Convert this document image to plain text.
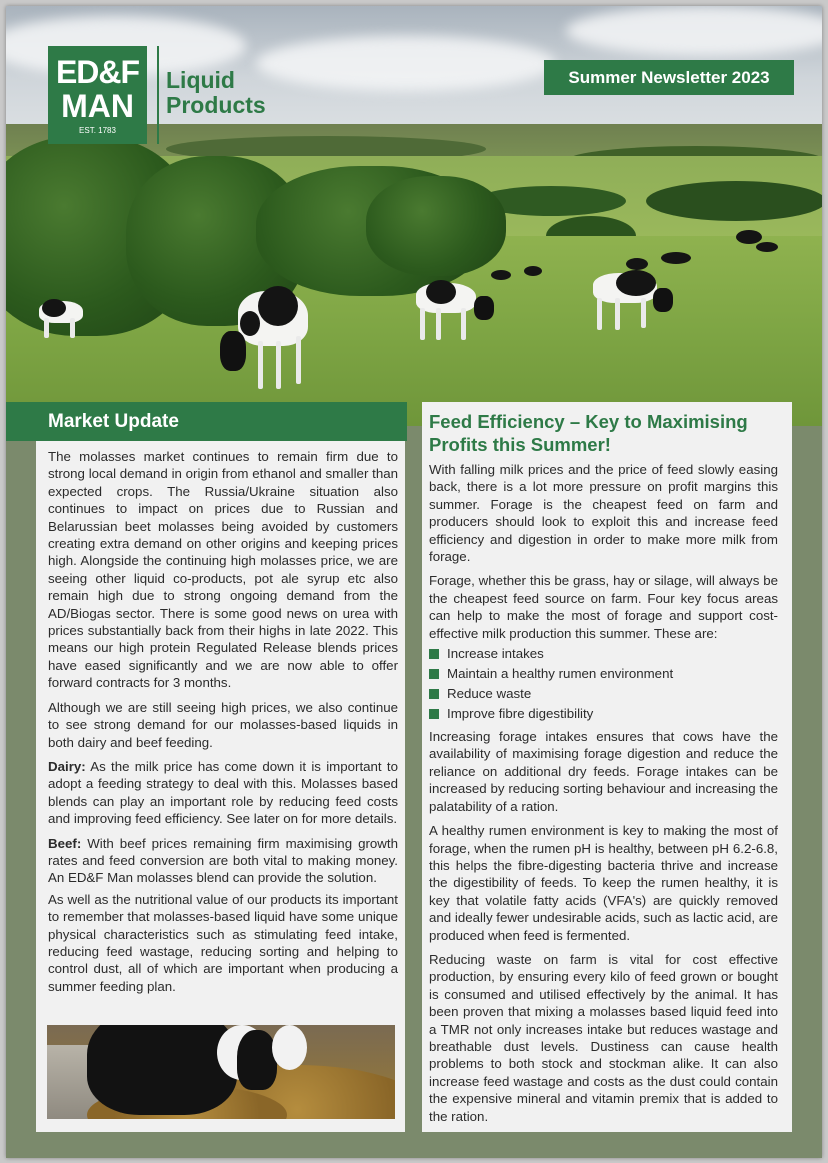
ED&F
MAN
EST. 1783
Liquid Products
Summer Newsletter 2023
Market Update

The molasses market continues to remain firm due to strong local demand in origin from ethanol and smaller than expected crops. The Russia/Ukraine situation also continues to impact on prices due to Russian and Belarussian beet molasses being avoided by customers creating extra demand on other origins and keeping prices high. Alongside the continuing high molasses price, we are seeing other liquid co-products, pot ale syrup etc also remain high due to strong ongoing demand from the AD/Biogas sector. There is some good news on urea with prices substantially back from their highs in late 2022. This means our high protein Regulated Release blends prices have eased significantly and we are now able to offer forward contracts for 3 months.

Although we are still seeing high prices, we also continue to see strong demand for our molasses-based liquids in both dairy and beef feeding.

Dairy: As the milk price has come down it is important to adopt a feeding strategy to deal with this. Molasses based blends can play an important role by reducing feed costs and improving feed efficiency. See later on for more details.

Beef: With beef prices remaining firm maximising growth rates and feed conversion are both vital to making money. An ED&F Man molasses blend can provide the solution.

As well as the nutritional value of our products its important to remember that molasses-based liquid have some unique physical characteristics such as stimulating feed intake, reducing feed wastage, reducing sorting and helping to control dust, all of which are important when producing a summer feeding plan.

Feed Efficiency – Key to Maximising Profits this Summer!

With falling milk prices and the price of feed slowly easing back, there is a lot more pressure on profit margins this summer. Forage is the cheapest feed on farm and producers should look to exploit this and increase feed efficiency and digestion in order to make more milk from forage.

Forage, whether this be grass, hay or silage, will always be the cheapest feed source on farm. Four key focus areas can help to make the most of forage and support cost-effective milk production this summer. These are:

Increase intakes
Maintain a healthy rumen environment
Reduce waste
Improve fibre digestibility

Increasing forage intakes ensures that cows have the availability of maximising forage digestion and reduce the reliance on additional dry feeds. Forage intakes can be increased by reducing sorting behaviour and increasing the palatability of a ration.

A healthy rumen environment is key to making the most of forage, when the rumen pH is healthy, between pH 6.2-6.8, this helps the fibre-digesting bacteria thrive and increase the digestibility of feeds. To keep the rumen healthy, it is key that volatile fatty acids (VFA's) are quickly removed and ideally fewer undesirable acids, such as lactic acid, are produced when feed is fermented.

Reducing waste on farm is vital for cost effective production, by ensuring every kilo of feed grown or bought is consumed and utilised effectively by the animal. It has been proven that mixing a molasses based liquid feed into a TMR not only increases intake but reduces wastage and breathable dust levels. Dustiness can cause health problems to both stock and stockman alike. It can also increase feed wastage and costs as the dust could contain the expensive mineral and vitamin premix that is added to the ration.
